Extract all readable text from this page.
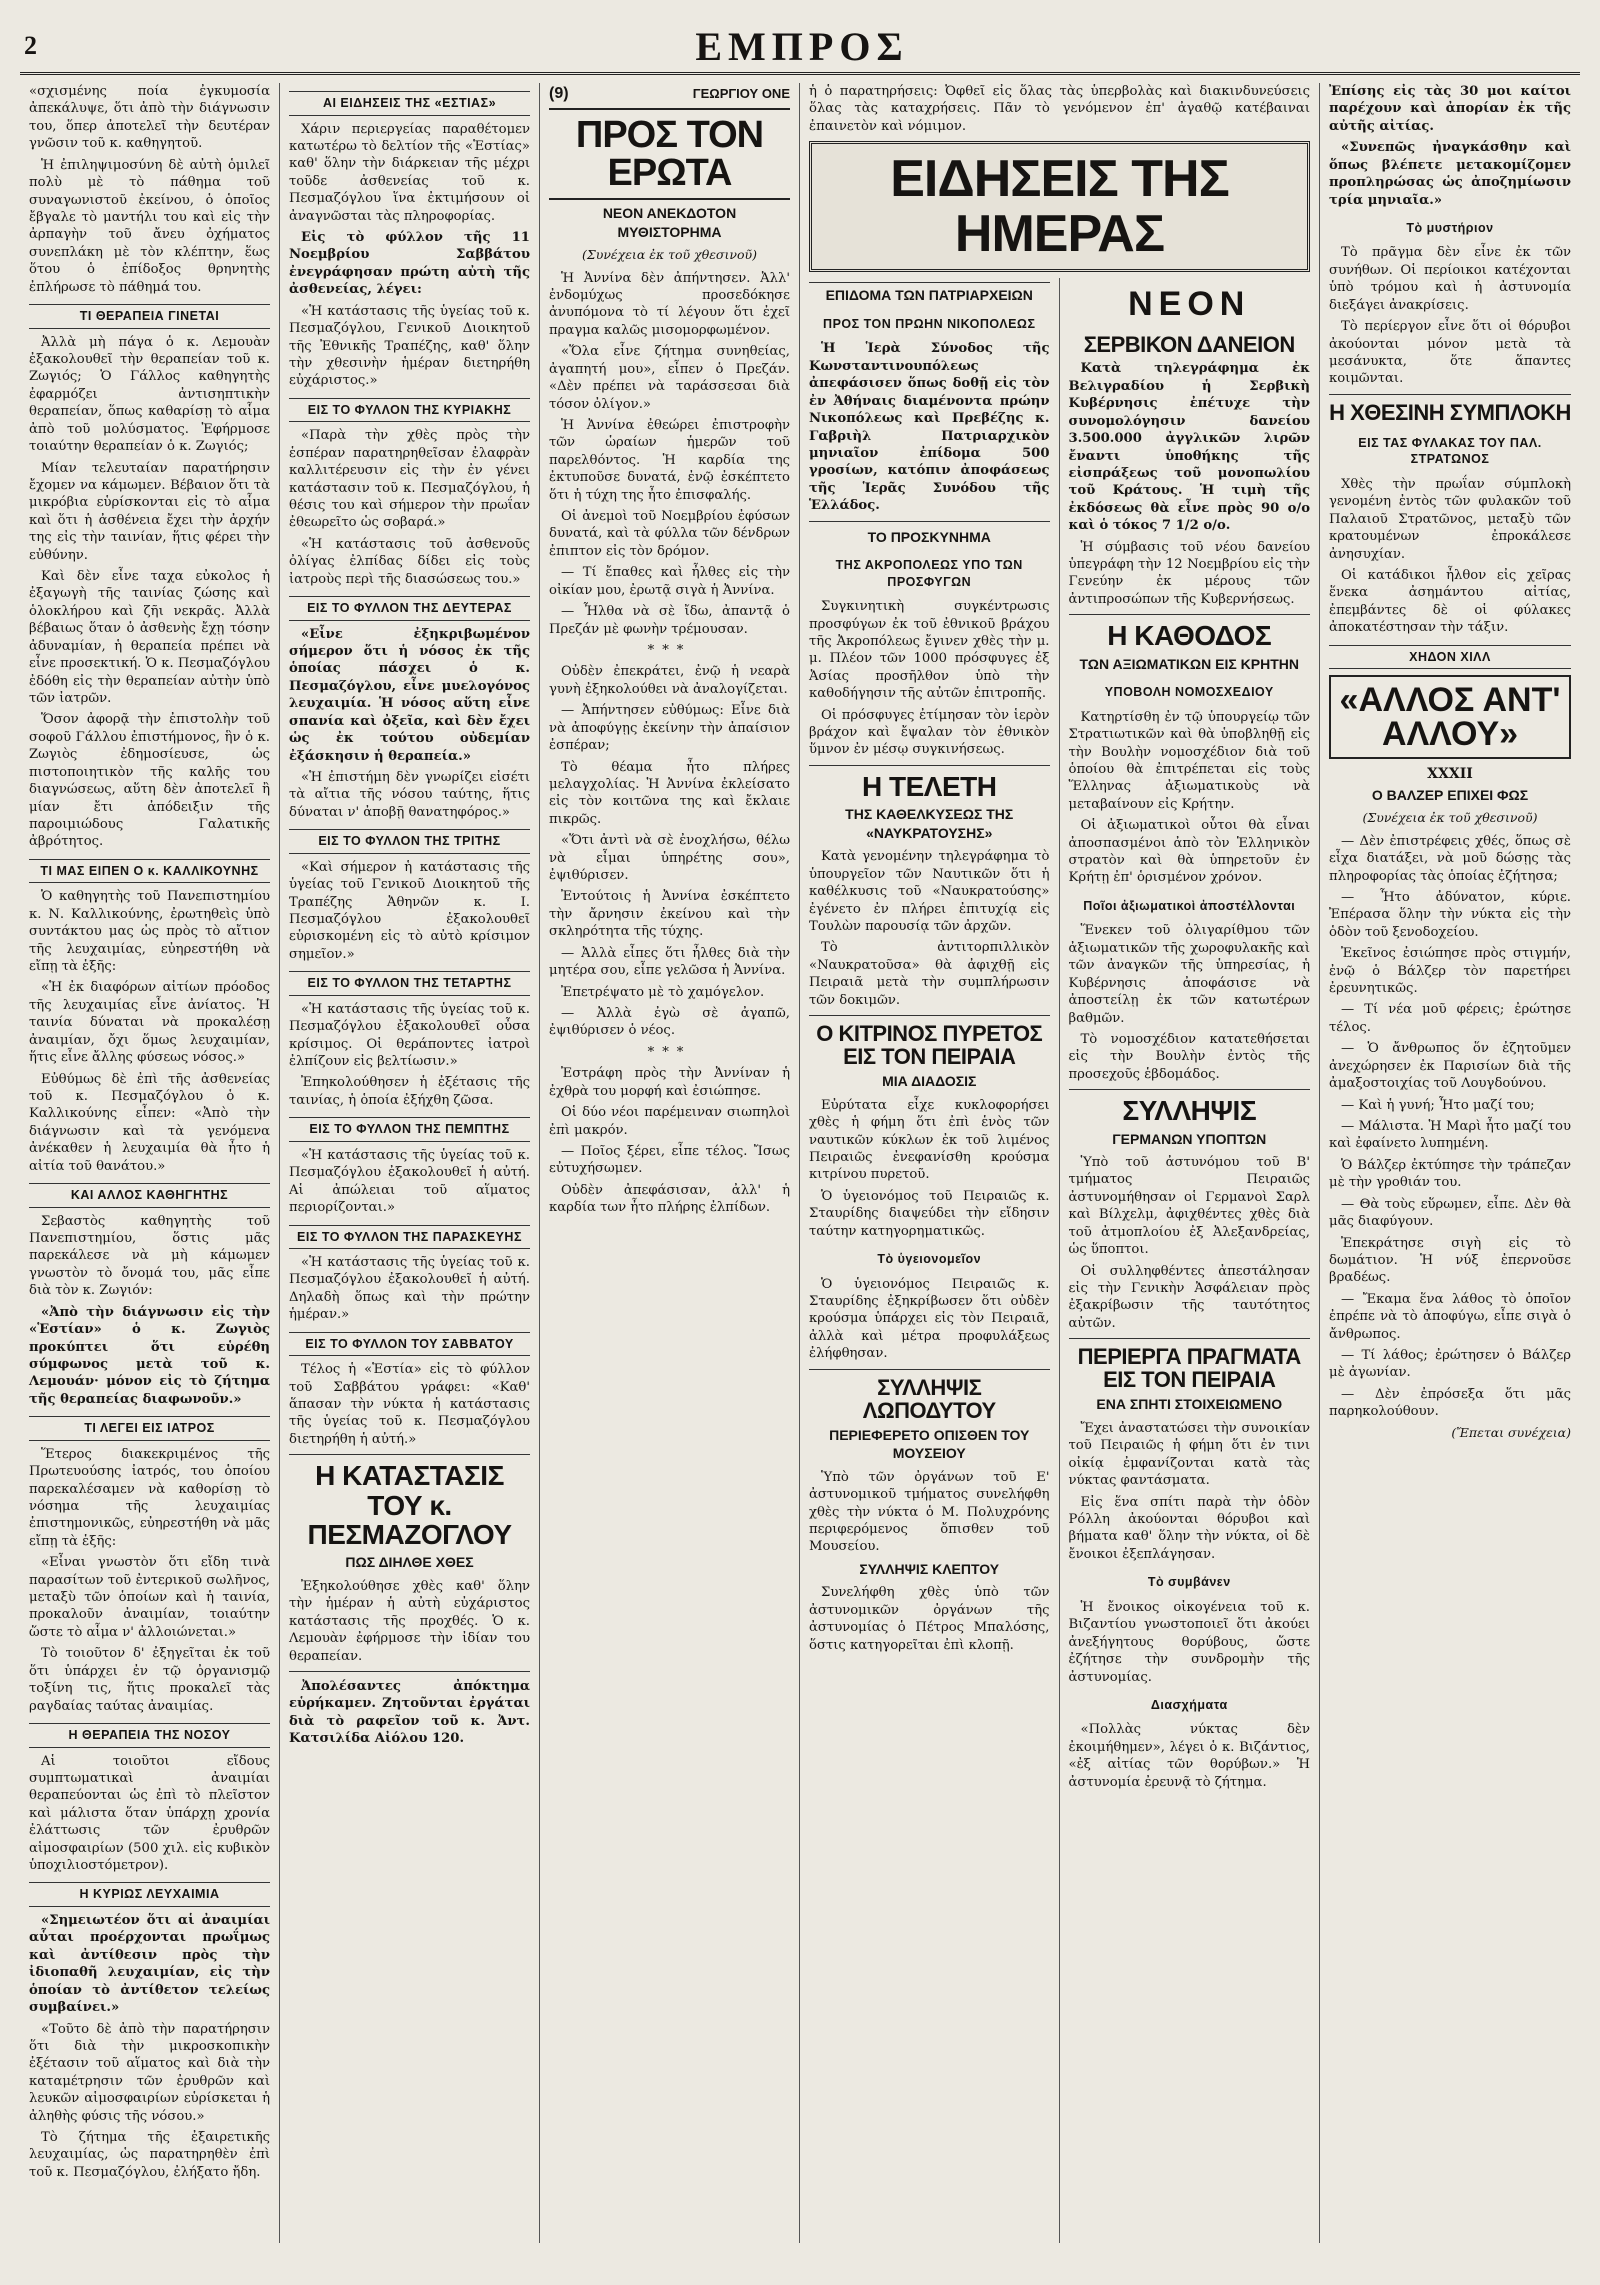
2	ΕΜΠΡΟΣ

«σχισμένης ποία ἐγκυμοσία ἀπεκάλυψε, ὅτι ἀπὸ τὴν διάγνωσιν του, ὅπερ ἀποτελεῖ τὴν δευτέραν γνῶσιν τοῦ κ. καθηγητοῦ.

Ἡ ἐπιληψιμοσύνη δὲ αὐτὴ ὁμιλεῖ πολὺ μὲ τὸ πάθημα τοῦ συναγωνιστοῦ ἐκείνου, ὁ ὁποῖος ἔβγαλε τὸ μαντήλι του καὶ εἰς τὴν ἀρπαγὴν τοῦ ἄνευ ὀχήματος συνεπλάκη μὲ τὸν κλέπτην, ἕως ὅτου ὁ ἐπίδοξος θρηνητὴς ἐπλήρωσε τὸ πάθημά του.

ΤΙ ΘΕΡΑΠΕΙΑ ΓΙΝΕΤΑΙ

Ἀλλὰ μὴ πάγα ὁ κ. Λεμουὰν ἐξακολουθεῖ τὴν θεραπείαν τοῦ κ. Ζωγιός; Ὁ Γάλλος καθηγητὴς ἐφαρμόζει ἀντισηπτικὴν θεραπείαν, ὅπως καθαρίσῃ τὸ αἷμα ἀπὸ τοῦ μολύσματος. Ἐφήρμοσε τοιαύτην θεραπείαν ὁ κ. Ζωγιός;

Μίαν τελευταίαν παρατήρησιν ἔχομεν να κάμωμεν. Βέβαιον ὅτι τὰ μικρόβια εὑρίσκονται εἰς τὸ αἷμα καὶ ὅτι ἡ ἀσθένεια ἔχει τὴν ἀρχήν της εἰς τὴν ταινίαν, ἥτις φέρει τὴν εὐθύνην.

Καὶ δὲν εἶνε ταχα εὐκολος ἡ ἐξαγωγὴ τῆς ταινίας ζώσης καὶ ὁλοκλήρου καὶ ζῆι νεκρᾶς. Ἀλλὰ βέβαιως ὅταν ὁ ἀσθενὴς ἔχῃ τόσην ἀδυναμίαν, ἡ θεραπεία πρέπει νὰ εἶνε προσεκτική. Ὁ κ. Πεσμαζόγλου ἐδόθη εἰς τὴν θεραπείαν αὐτὴν ὑπὸ τῶν ἰατρῶν.

Ὅσον ἀφορᾷ τὴν ἐπιστολὴν τοῦ σοφοῦ Γάλλου ἐπιστήμονος, ἣν ὁ κ. Ζωγιὸς ἐδημοσίευσε, ὡς πιστοποιητικὸν τῆς καλῆς του διαγνώσεως, αὕτη δὲν ἀποτελεῖ ἢ μίαν ἔτι ἀπόδειξιν τῆς παροιμιώδους Γαλατικῆς ἀβρότητος.

ΤΙ ΜΑΣ ΕΙΠΕΝ Ο κ. ΚΑΛΛΙΚΟΥΝΗΣ

Ὁ καθηγητὴς τοῦ Πανεπιστημίου κ. Ν. Καλλικούνης, ἐρωτηθεὶς ὑπὸ συντάκτου μας ὡς πρὸς τὸ αἴτιον τῆς λευχαιμίας, εὐηρεστήθη νὰ εἴπῃ τὰ ἑξῆς:

«Ἡ ἐκ διαφόρων αἰτίων πρόοδος τῆς λευχαιμίας εἶνε ἀνίατος. Ἡ ταινία δύναται νὰ προκαλέσῃ ἀναιμίαν, ὄχι ὅμως λευχαιμίαν, ἥτις εἶνε ἄλλης φύσεως νόσος.»

Εὐθύμως δὲ ἐπὶ τῆς ἀσθενείας τοῦ κ. Πεσμαζόγλου ὁ κ. Καλλικούνης εἶπεν: «Ἀπὸ τὴν διάγνωσιν καὶ τὰ γενόμενα ἀνέκαθεν ἡ λευχαιμία θὰ ἦτο ἡ αἰτία τοῦ θανάτου.»

ΚΑΙ ΑΛΛΟΣ ΚΑΘΗΓΗΤΗΣ

Σεβαστὸς καθηγητὴς τοῦ Πανεπιστημίου, ὅστις μᾶς παρεκάλεσε νὰ μὴ κάμωμεν γνωστὸν τὸ ὄνομά του, μᾶς εἶπε διὰ τὸν κ. Ζωγιόν:

«Ἀπὸ τὴν διάγνωσιν εἰς τὴν «Ἑστίαν» ὁ κ. Ζωγιὸς προκύπτει ὅτι εὑρέθη σύμφωνος μετὰ τοῦ κ. Λεμουάν· μόνον εἰς τὸ ζήτημα τῆς θεραπείας διαφωνοῦν.»

ΤΙ ΛΕΓΕΙ ΕΙΣ ΙΑΤΡΟΣ

Ἕτερος διακεκριμένος τῆς Πρωτευούσης ἰατρός, του ὁποίου παρεκαλέσαμεν νὰ καθορίσῃ τὸ νόσημα τῆς λευχαιμίας ἐπιστημονικῶς, εὐηρεστήθη νὰ μᾶς εἴπῃ τὰ ἑξῆς:

«Εἶναι γνωστὸν ὅτι εἴδη τινὰ παρασίτων τοῦ ἐντερικοῦ σωλῆνος, μεταξὺ τῶν ὁποίων καὶ ἡ ταινία, προκαλοῦν ἀναιμίαν, τοιαύτην ὥστε τὸ αἷμα ν' ἀλλοιώνεται.»

Τὸ τοιοῦτον δ' ἐξηγεῖται ἐκ τοῦ ὅτι ὑπάρχει ἐν τῷ ὀργανισμῷ τοξίνη τις, ἥτις προκαλεῖ τὰς ραγδαίας ταύτας ἀναιμίας.

Η ΘΕΡΑΠΕΙΑ ΤΗΣ ΝΟΣΟΥ

Αἱ τοιοῦτοι εἴδους συμπτωματικαὶ ἀναιμίαι θεραπεύονται ὡς ἐπὶ τὸ πλεῖστον καὶ μάλιστα ὅταν ὑπάρχῃ χρονία ἐλάττωσις τῶν ἐρυθρῶν αἱμοσφαιρίων (500 χιλ. εἰς κυβικὸν ὑποχιλιοστόμετρον).

Η ΚΥΡΙΩΣ ΛΕΥΧΑΙΜΙΑ

«Σημειωτέον ὅτι αἱ ἀναιμίαι αὗται προέρχονται πρωΐμως καὶ ἀντίθεσιν πρὸς τὴν ἰδιοπαθῆ λευχαιμίαν, εἰς τὴν ὁποίαν τὸ ἀντίθετον τελείως συμβαίνει.»

«Τοῦτο δὲ ἀπὸ τὴν παρατήρησιν ὅτι διὰ τὴν μικροσκοπικὴν ἐξέτασιν τοῦ αἵματος καὶ διὰ τὴν καταμέτρησιν τῶν ἐρυθρῶν καὶ λευκῶν αἱμοσφαιρίων εὑρίσκεται ἡ ἀληθὴς φύσις τῆς νόσου.»

Τὸ ζήτημα τῆς ἐξαιρετικῆς λευχαιμίας, ὡς παρατηρηθὲν ἐπὶ τοῦ κ. Πεσμαζόγλου, ἐλήξατο ἤδη.

ΑΙ ΕΙΔΗΣΕΙΣ ΤΗΣ «ΕΣΤΙΑΣ»

Χάριν περιεργείας παραθέτομεν κατωτέρω τὸ δελτίον τῆς «Ἑστίας» καθ' ὅλην τὴν διάρκειαν τῆς μέχρι τοῦδε ἀσθενείας τοῦ κ. Πεσμαζόγλου ἵνα ἐκτιμήσουν οἱ ἀναγνῶσται τὰς πληροφορίας.

Εἰς τὸ φύλλον τῆς 11 Νοεμβρίου Σαββάτου ἐνεγράφησαν πρώτη αὐτὴ τῆς ἀσθενείας, λέγει:

«Ἡ κατάστασις τῆς ὑγείας τοῦ κ. Πεσμαζόγλου, Γενικοῦ Διοικητοῦ τῆς Ἐθνικῆς Τραπέζης, καθ' ὅλην τὴν χθεσινὴν ἡμέραν διετηρήθη εὐχάριστος.»

ΕΙΣ ΤΟ ΦΥΛΛΟΝ ΤΗΣ ΚΥΡΙΑΚΗΣ

«Παρὰ τὴν χθὲς πρὸς τὴν ἑσπέραν παρατηρηθεῖσαν ἐλαφρὰν καλλιτέρευσιν εἰς τὴν ἐν γένει κατάστασιν τοῦ κ. Πεσμαζόγλου, ἡ θέσις του καὶ σήμερον τὴν πρωΐαν ἐθεωρεῖτο ὡς σοβαρά.»

«Ἡ κατάστασις τοῦ ἀσθενοῦς ὀλίγας ἐλπίδας δίδει εἰς τοὺς ἰατροὺς περὶ τῆς διασώσεως του.»

ΕΙΣ ΤΟ ΦΥΛΛΟΝ ΤΗΣ ΔΕΥΤΕΡΑΣ

«Εἶνε ἐξηκριβωμένον σήμερον ὅτι ἡ νόσος ἐκ τῆς ὁποίας πάσχει ὁ κ. Πεσμαζόγλου, εἶνε μυελογόνος λευχαιμία. Ἡ νόσος αὕτη εἶνε σπανία καὶ ὀξεῖα, καὶ δὲν ἔχει ὡς ἐκ τούτου οὐδεμίαν ἐξάσκησιν ἡ θεραπεία.»

«Ἡ ἐπιστήμη δὲν γνωρίζει εἰσέτι τὰ αἴτια τῆς νόσου ταύτης, ἥτις δύναται ν' ἀποβῇ θανατηφόρος.»

ΕΙΣ ΤΟ ΦΥΛΛΟΝ ΤΗΣ ΤΡΙΤΗΣ

«Καὶ σήμερον ἡ κατάστασις τῆς ὑγείας τοῦ Γενικοῦ Διοικητοῦ τῆς Τραπέζης Ἀθηνῶν κ. Ι. Πεσμαζόγλου ἐξακολουθεῖ εὑρισκομένη εἰς τὸ αὐτὸ κρίσιμον σημεῖον.»

ΕΙΣ ΤΟ ΦΥΛΛΟΝ ΤΗΣ ΤΕΤΑΡΤΗΣ

«Ἡ κατάστασις τῆς ὑγείας τοῦ κ. Πεσμαζόγλου ἐξακολουθεῖ οὖσα κρίσιμος. Οἱ θεράποντες ἰατροὶ ἐλπίζουν εἰς βελτίωσιν.»

Ἐπηκολούθησεν ἡ ἐξέτασις τῆς ταινίας, ἡ ὁποία ἐξήχθη ζῶσα.

ΕΙΣ ΤΟ ΦΥΛΛΟΝ ΤΗΣ ΠΕΜΠΤΗΣ

«Ἡ κατάστασις τῆς ὑγείας τοῦ κ. Πεσμαζόγλου ἐξακολουθεῖ ἡ αὐτή. Αἱ ἀπώλειαι τοῦ αἵματος περιορίζονται.»

ΕΙΣ ΤΟ ΦΥΛΛΟΝ ΤΗΣ ΠΑΡΑΣΚΕΥΗΣ

«Ἡ κατάστασις τῆς ὑγείας τοῦ κ. Πεσμαζόγλου ἐξακολουθεῖ ἡ αὐτή. Δηλαδὴ ὅπως καὶ τὴν πρώτην ἡμέραν.»

ΕΙΣ ΤΟ ΦΥΛΛΟΝ ΤΟΥ ΣΑΒΒΑΤΟΥ

Τέλος ἡ «Ἑστία» εἰς τὸ φύλλον τοῦ Σαββάτου γράφει: «Καθ' ἅπασαν τὴν νύκτα ἡ κατάστασις τῆς ὑγείας τοῦ κ. Πεσμαζόγλου διετηρήθη ἡ αὐτή.»

Η ΚΑΤΑΣΤΑΣΙΣ ΤΟΥ κ. ΠΕΣΜΑΖΟΓΛΟΥ
ΠΩΣ ΔΙΗΛΘΕ ΧΘΕΣ

Ἐξηκολούθησε χθὲς καθ' ὅλην τὴν ἡμέραν ἡ αὐτὴ εὐχάριστος κατάστασις τῆς προχθές. Ὁ κ. Λεμουὰν ἐφήρμοσε τὴν ἰδίαν του θεραπείαν.

Ἀπολέσαντες ἀπόκτημα εὑρήκαμεν. Ζητοῦνται ἐργάται διὰ τὸ ραφεῖον τοῦ κ. Ἀντ. Κατσιλίδα Αἰόλου 120.

(9)	ΓΕΩΡΓΙΟΥ ΟΝΕ
ΠΡΟΣ ΤΟΝ ΕΡΩΤΑ
ΝΕΟΝ ΑΝΕΚΔΟΤΟΝ ΜΥΘΙΣΤΟΡΗΜΑ
(Συνέχεια ἐκ τοῦ χθεσινοῦ)

Ἡ Ἀννίνα δὲν ἀπήντησεν. Ἀλλ' ἐνδομύχως προσεδόκησε ἀνυπόμονα τὸ τί λέγουν ὅτι ἐχεῖ πραγμα καλῶς μισομορφωμένον.

«Ὅλα εἶνε ζήτημα συνηθείας, ἀγαπητή μου», εἶπεν ὁ Πρεζάν. «Δὲν πρέπει νὰ ταράσσεσαι διὰ τόσον ὀλίγον.»

Ἡ Ἀννίνα ἐθεώρει ἐπιστροφὴν τῶν ὡραίων ἡμερῶν τοῦ παρελθόντος. Ἡ καρδία της ἐκτυποῦσε δυνατά, ἐνῷ ἐσκέπτετο ὅτι ἡ τύχη της ἦτο ἐπισφαλής.

Οἱ ἀνεμοὶ τοῦ Νοεμβρίου ἐφύσων δυνατά, καὶ τὰ φύλλα τῶν δένδρων ἐπιπτον εἰς τὸν δρόμον.

— Τί ἔπαθες καὶ ἦλθες εἰς τὴν οἰκίαν μου, ἐρωτᾷ σιγὰ ἡ Ἀννίνα.

— Ἦλθα νὰ σὲ ἴδω, ἀπαντᾷ ὁ Πρεζάν μὲ φωνὴν τρέμουσαν.

***

Οὐδὲν ἐπεκράτει, ἐνῷ ἡ νεαρὰ γυνὴ ἐξηκολούθει νὰ ἀναλογίζεται.

— Ἀπήντησεν εὐθύμως: Εἶνε διὰ νὰ ἀποφύγῃς ἐκείνην τὴν ἀπαίσιον ἐσπέραν;

Τὸ θέαμα ἦτο πλήρες μελαγχολίας. Ἡ Ἀννίνα ἐκλείσατο εἰς τὸν κοιτῶνα της καὶ ἔκλαιε πικρῶς.

«Ὅτι ἀντὶ νὰ σὲ ἐνοχλήσω, θέλω νὰ εἶμαι ὑπηρέτης σου», ἐψιθύρισεν.

Ἐντούτοις ἡ Ἀννίνα ἐσκέπτετο τὴν ἄρνησιν ἐκείνου καὶ τὴν σκληρότητα τῆς τύχης.

— Ἀλλὰ εἶπες ὅτι ἦλθες διὰ τὴν μητέρα σου, εἶπε γελῶσα ἡ Ἀννίνα.

Ἐπετρέψατο μὲ τὸ χαμόγελον.

— Ἀλλὰ ἐγὼ σὲ ἀγαπῶ, ἐψιθύρισεν ὁ νέος.

***

Ἐστράφη πρὸς τὴν Ἀννίναν ἡ ἐχθρὰ του μορφή καὶ ἐσιώπησε.

Οἱ δύο νέοι παρέμειναν σιωπηλοὶ ἐπὶ μακρόν.

— Ποῖος ξέρει, εἶπε τέλος. Ἴσως εὐτυχήσωμεν.

Οὐδὲν ἀπεφάσισαν, ἀλλ' ἡ καρδία των ἦτο πλήρης ἐλπίδων.

ἡ ὁ παρατηρήσεις: Ὀφθεῖ εἰς ὅλας τὰς ὑπερβολὰς καὶ διακινδυνεύσεις ὅλας τὰς καταχρήσεις. Πᾶν τὸ γενόμενον ἐπ' ἀγαθῷ κατέβαιναι ἐπαινετὸν καὶ νόμιμον.

ΕΙΔΗΣΕΙΣ ΤΗΣ ΗΜΕΡΑΣ
ΕΠΙΔΟΜΑ ΤΩΝ ΠΑΤΡΙΑΡΧΕΙΩΝ
ΠΡΟΣ ΤΟΝ ΠΡΩΗΝ ΝΙΚΟΠΟΛΕΩΣ

Ἡ Ἱερὰ Σύνοδος τῆς Κωνσταντινουπόλεως ἀπεφάσισεν ὅπως δοθῇ εἰς τὸν ἐν Ἀθήναις διαμένοντα πρώην Νικοπόλεως καὶ Πρεβέζης κ. Γαβριὴλ Πατριαρχικὸν μηνιαῖον ἐπίδομα 500 γροσίων, κατόπιν ἀποφάσεως τῆς Ἱερᾶς Συνόδου τῆς Ἑλλάδος.

ΤΟ ΠΡΟΣΚΥΝΗΜΑ
ΤΗΣ ΑΚΡΟΠΟΛΕΩΣ ΥΠΟ ΤΩΝ ΠΡΟΣΦΥΓΩΝ

Συγκινητικὴ συγκέντρωσις προσφύγων ἐκ τοῦ ἐθνικοῦ βράχου τῆς Ἀκροπόλεως ἔγινεν χθὲς τὴν μ. μ. Πλέον τῶν 1000 πρόσφυγες ἐξ Ἀσίας προσῆλθον ὑπὸ τὴν καθοδήγησιν τῆς αὐτῶν ἐπιτροπῆς.

Οἱ πρόσφυγες ἐτίμησαν τὸν ἱερὸν βράχον καὶ ἔψαλαν τὸν ἐθνικὸν ὕμνον ἐν μέσῳ συγκινήσεως.

Η ΤΕΛΕΤΗ
ΤΗΣ ΚΑΘΕΛΚΥΣΕΩΣ ΤΗΣ «ΝΑΥΚΡΑΤΟΥΣΗΣ»

Κατὰ γενομένην τηλεγράφημα τὸ ὑπουργεῖον τῶν Ναυτικῶν ὅτι ἡ καθέλκυσις τοῦ «Ναυκρατούσης» ἐγένετο ἐν πλήρει ἐπιτυχίᾳ εἰς Τουλὼν παρουσίᾳ τῶν ἀρχῶν.

Τὸ ἀντιτορπιλλικὸν «Ναυκρατοῦσα» θὰ ἀφιχθῇ εἰς Πειραιᾶ μετὰ τὴν συμπλήρωσιν τῶν δοκιμῶν.

Ο ΚΙΤΡΙΝΟΣ ΠΥΡΕΤΟΣ ΕΙΣ ΤΟΝ ΠΕΙΡΑΙΑ
ΜΙΑ ΔΙΑΔΟΣΙΣ

Εὐρύτατα εἶχε κυκλοφορήσει χθὲς ἡ φήμη ὅτι ἐπὶ ἑνὸς τῶν ναυτικῶν κύκλων ἐκ τοῦ λιμένος Πειραιῶς ἐνεφανίσθη κρούσμα κιτρίνου πυρετοῦ.

Ὁ ὑγειονόμος τοῦ Πειραιῶς κ. Σταυρίδης διαψεύδει τὴν εἴδησιν ταύτην κατηγορηματικῶς.

Τὸ ὑγειονομεῖον

Ὁ ὑγειονόμος Πειραιῶς κ. Σταυρίδης ἐξηκρίβωσεν ὅτι οὐδὲν κρούσμα ὑπάρχει εἰς τὸν Πειραιᾶ, ἀλλὰ καὶ μέτρα προφυλάξεως ἐλήφθησαν.

ΣΥΛΛΗΨΙΣ ΛΩΠΟΔΥΤΟΥ
ΠΕΡΙΕΦΕΡΕΤΟ ΟΠΙΣΘΕΝ ΤΟΥ ΜΟΥΣΕΙΟΥ

Ὑπὸ τῶν ὀργάνων τοῦ Ε' ἀστυνομικοῦ τμήματος συνελήφθη χθὲς τὴν νύκτα ὁ Μ. Πολυχρόνης περιφερόμενος ὄπισθεν τοῦ Μουσείου.

ΣΥΛΛΗΨΙΣ ΚΛΕΠΤΟΥ

Συνελήφθη χθὲς ὑπὸ τῶν ἀστυνομικῶν ὀργάνων τῆς ἀστυνομίας ὁ Πέτρος Μπαλόσης, ὅστις κατηγορεῖται ἐπὶ κλοπῇ.

ΝΕΟΝ
ΣΕΡΒΙΚΟΝ ΔΑΝΕΙΟΝ

Κατὰ τηλεγράφημα ἐκ Βελιγραδίου ἡ Σερβικὴ Κυβέρνησις ἐπέτυχε τὴν συνομολόγησιν δανείου 3.500.000 ἀγγλικῶν λιρῶν ἔναντι ὑποθήκης τῆς εἰσπράξεως τοῦ μονοπωλίου τοῦ Κράτους. Ἡ τιμὴ τῆς ἐκδόσεως θὰ εἶνε πρὸς 90 ο/ο καὶ ὁ τόκος 7 1/2 ο/ο.

Ἡ σύμβασις τοῦ νέου δανείου ὑπεγράφη τὴν 12 Νοεμβρίου εἰς τὴν Γενεύην ἐκ μέρους τῶν ἀντιπροσώπων τῆς Κυβερνήσεως.

Η ΚΑΘΟΔΟΣ
ΤΩΝ ΑΞΙΩΜΑΤΙΚΩΝ ΕΙΣ ΚΡΗΤΗΝ
ΥΠΟΒΟΛΗ ΝΟΜΟΣΧΕΔΙΟΥ

Κατηρτίσθη ἐν τῷ ὑπουργείῳ τῶν Στρατιωτικῶν καὶ θὰ ὑποβληθῇ εἰς τὴν Βουλὴν νομοσχέδιον διὰ τοῦ ὁποίου θὰ ἐπιτρέπεται εἰς τοὺς Ἕλληνας ἀξιωματικοὺς νὰ μεταβαίνουν εἰς Κρήτην.

Οἱ ἀξιωματικοὶ οὗτοι θὰ εἶναι ἀποσπασμένοι ἀπὸ τὸν Ἑλληνικὸν στρατὸν καὶ θὰ ὑπηρετοῦν ἐν Κρήτῃ ἐπ' ὁρισμένον χρόνον.

Ποῖοι ἀξιωματικοὶ ἀποστέλλονται

Ἕνεκεν τοῦ ὀλιγαρίθμου τῶν ἀξιωματικῶν τῆς χωροφυλακῆς καὶ τῶν ἀναγκῶν τῆς ὑπηρεσίας, ἡ Κυβέρνησις ἀποφάσισε νὰ ἀποστείλῃ ἐκ τῶν κατωτέρων βαθμῶν.

Τὸ νομοσχέδιον κατατεθήσεται εἰς τὴν Βουλὴν ἐντὸς τῆς προσεχοῦς ἑβδομάδος.

ΣΥΛΛΗΨΙΣ
ΓΕΡΜΑΝΩΝ ΥΠΟΠΤΩΝ

Ὑπὸ τοῦ ἀστυνόμου τοῦ Β' τμήματος Πειραιῶς ἀστυνομήθησαν οἱ Γερμανοὶ Σαρλ καὶ Βίλχελμ, ἀφιχθέντες χθὲς διὰ τοῦ ἀτμοπλοίου ἐξ Ἀλεξανδρείας, ὡς ὕποπτοι.

Οἱ συλληφθέντες ἀπεστάλησαν εἰς τὴν Γενικὴν Ἀσφάλειαν πρὸς ἐξακρίβωσιν τῆς ταυτότητος αὐτῶν.

ΠΕΡΙΕΡΓΑ ΠΡΑΓΜΑΤΑ ΕΙΣ ΤΟΝ ΠΕΙΡΑΙΑ
ΕΝΑ ΣΠΗΤΙ ΣΤΟΙΧΕΙΩΜΕΝΟ

Ἔχει ἀναστατώσει τὴν συνοικίαν τοῦ Πειραιῶς ἡ φήμη ὅτι ἐν τινι οἰκίᾳ ἐμφανίζονται κατὰ τὰς νύκτας φαντάσματα.

Εἰς ἕνα σπίτι παρὰ τὴν ὁδὸν Ρόλλη ἀκούονται θόρυβοι καὶ βήματα καθ' ὅλην τὴν νύκτα, οἱ δὲ ἔνοικοι ἐξεπλάγησαν.

Τὸ συμβάνεν

Ἡ ἔνοικος οἰκογένεια τοῦ κ. Βιζαντίου γνωστοποιεῖ ὅτι ἀκούει ἀνεξήγητους θορύβους, ὥστε ἐζήτησε τὴν συνδρομὴν τῆς ἀστυνομίας.

Διασχήματα

«Πολλὰς νύκτας δὲν ἐκοιμήθημεν», λέγει ὁ κ. Βιζάντιος, «ἐξ αἰτίας τῶν θορύβων.» Ἡ ἀστυνομία ἐρευνᾷ τὸ ζήτημα.

Ἐπίσης εἰς τὰς 30 μοι καίτοι παρέχουν καὶ ἀπορίαν ἐκ τῆς αὐτῆς αἰτίας.

«Συνεπῶς ἠναγκάσθην καὶ ὅπως βλέπετε μετακομίζομεν προπληρώσας ὡς ἀποζημίωσιν τρία μηνιαῖα.»

Τὸ μυστήριον

Τὸ πρᾶγμα δὲν εἶνε ἐκ τῶν συνήθων. Οἱ περίοικοι κατέχονται ὑπὸ τρόμου καὶ ἡ ἀστυνομία διεξάγει ἀνακρίσεις.

Τὸ περίεργον εἶνε ὅτι οἱ θόρυβοι ἀκούονται μόνον μετὰ τὰ μεσάνυκτα, ὅτε ἅπαντες κοιμῶνται.

Η ΧΘΕΣΙΝΗ ΣΥΜΠΛΟΚΗ
ΕΙΣ ΤΑΣ ΦΥΛΑΚΑΣ ΤΟΥ ΠΑΛ. ΣΤΡΑΤΩΝΟΣ

Χθὲς τὴν πρωΐαν σύμπλοκὴ γενομένη ἐντὸς τῶν φυλακῶν τοῦ Παλαιοῦ Στρατῶνος, μεταξὺ τῶν κρατουμένων ἐπροκάλεσε ἀνησυχίαν.

Οἱ κατάδικοι ἦλθον εἰς χεῖρας ἕνεκα ἀσημάντου αἰτίας, ἐπεμβάντες δὲ οἱ φύλακες ἀποκατέστησαν τὴν τάξιν.

ΧΗΔΟΝ ΧΙΛΛ
«ΑΛΛΟΣ ΑΝΤ' ΑΛΛΟΥ»
XXXII
Ο ΒΑΛΖΕΡ ΕΠΙΧΕΙ ΦΩΣ
(Συνέχεια ἐκ τοῦ χθεσινοῦ)

— Δὲν ἐπιστρέφεις χθές, ὅπως σὲ εἶχα διατάξει, νὰ μοῦ δώσῃς τὰς πληροφορίας τὰς ὁποίας ἐζήτησα;

— Ἦτο ἀδύνατον, κύριε. Ἐπέρασα ὅλην τὴν νύκτα εἰς τὴν ὁδὸν τοῦ ξενοδοχείου.

Ἐκεῖνος ἐσιώπησε πρὸς στιγμήν, ἐνῷ ὁ Βάλζερ τὸν παρετήρει ἐρευνητικῶς.

— Τί νέα μοῦ φέρεις; ἐρώτησε τέλος.

— Ὁ ἄνθρωπος ὅν ἐζητοῦμεν ἀνεχώρησεν ἐκ Παρισίων διὰ τῆς ἀμαξοστοιχίας τοῦ Λουγδούνου.

— Καὶ ἡ γυνή; Ἦτο μαζί του;

— Μάλιστα. Ἡ Μαρὶ ἦτο μαζί του καὶ ἐφαίνετο λυπημένη.

Ὁ Βάλζερ ἐκτύπησε τὴν τράπεζαν μὲ τὴν γροθιάν του.

— Θὰ τοὺς εὕρωμεν, εἶπε. Δὲν θὰ μᾶς διαφύγουν.

Ἐπεκράτησε σιγὴ εἰς τὸ δωμάτιον. Ἡ νύξ ἐπερνοῦσε βραδέως.

— Ἔκαμα ἕνα λάθος τὸ ὁποῖον ἐπρέπε νὰ τὸ ἀποφύγω, εἶπε σιγὰ ὁ ἄνθρωπος.

— Τί λάθος; ἐρώτησεν ὁ Βάλζερ μὲ ἀγωνίαν.

— Δὲν ἐπρόσεξα ὅτι μᾶς παρηκολούθουν.

(Ἔπεται συνέχεια)
